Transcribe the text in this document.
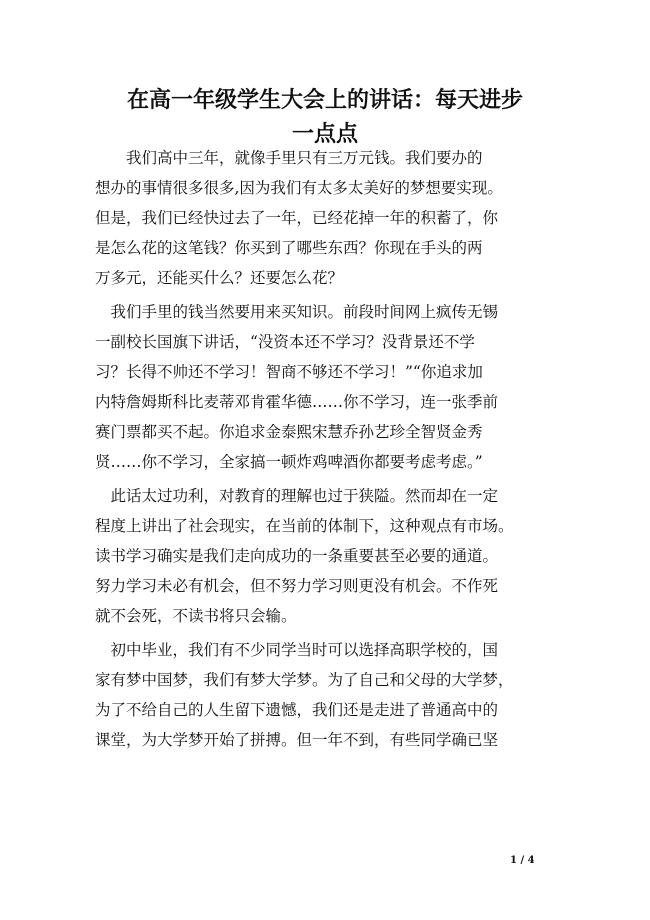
在高一年级学生大会上的讲话：每天进步
一点点
　　我们高中三年，就像手里只有三万元钱。我们要办的
想办的事情很多很多,因为我们有太多太美好的梦想要实现。
但是，我们已经快过去了一年，已经花掉一年的积蓄了，你
是怎么花的这笔钱？你买到了哪些东西？你现在手头的两
万多元，还能买什么？还要怎么花？
　我们手里的钱当然要用来买知识。前段时间网上疯传无锡
一副校长国旗下讲话，“没资本还不学习？没背景还不学
习？长得不帅还不学习！智商不够还不学习！”“你追求加
内特詹姆斯科比麦蒂邓肯霍华德……你不学习，连一张季前
赛门票都买不起。你追求金泰熙宋慧乔孙艺珍全智贤金秀
贤……你不学习，全家搞一顿炸鸡啤酒你都要考虑考虑。”
　此话太过功利，对教育的理解也过于狭隘。然而却在一定
程度上讲出了社会现实，在当前的体制下，这种观点有市场。
读书学习确实是我们走向成功的一条重要甚至必要的通道。
努力学习未必有机会，但不努力学习则更没有机会。不作死
就不会死，不读书将只会输。
　初中毕业，我们有不少同学当时可以选择高职学校的，国
家有梦中国梦，我们有梦大学梦。为了自己和父母的大学梦，
为了不给自己的人生留下遗憾，我们还是走进了普通高中的
课堂，为大学梦开始了拼搏。但一年不到，有些同学确已坚
1 / 4
